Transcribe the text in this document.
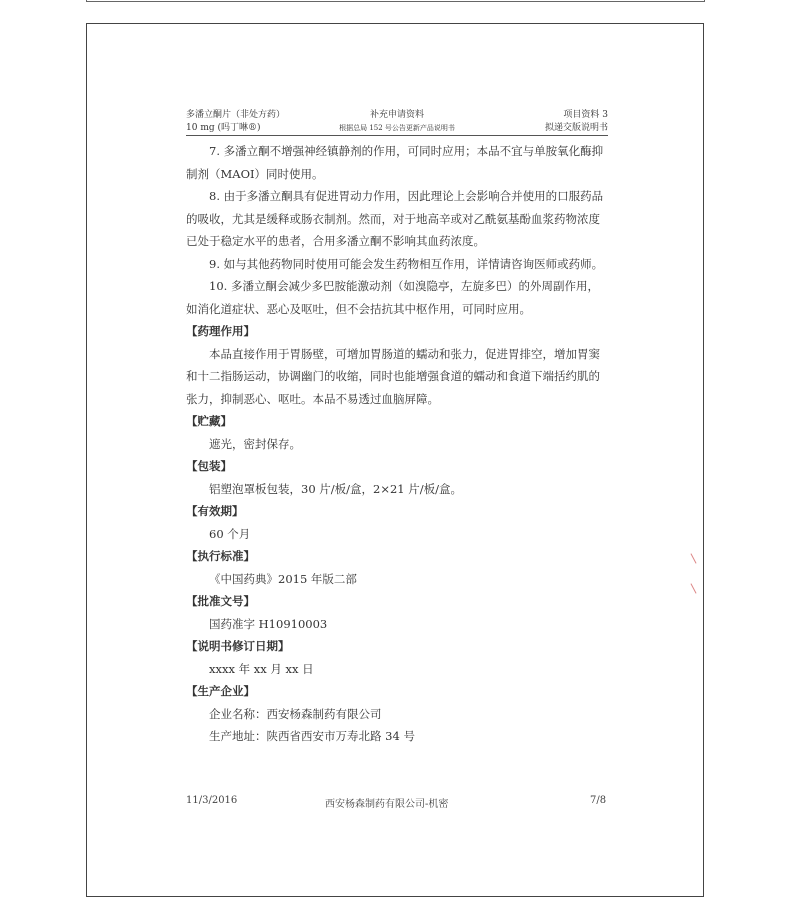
多潘立酮片（非处方药）
10 mg (吗丁啉®)
补充申请资料
根据总局 152 号公告更新产品说明书
项目资料 3
拟递交版说明书

7. 多潘立酮不增强神经镇静剂的作用，可同时应用；本品不宜与单胺氧化酶抑制剂（MAOI）同时使用。

8. 由于多潘立酮具有促进胃动力作用，因此理论上会影响合并使用的口服药品的吸收，尤其是缓释或肠衣制剂。然而，对于地高辛或对乙酰氨基酚血浆药物浓度已处于稳定水平的患者，合用多潘立酮不影响其血药浓度。

9. 如与其他药物同时使用可能会发生药物相互作用，详情请咨询医师或药师。

10. 多潘立酮会减少多巴胺能激动剂（如溴隐亭，左旋多巴）的外周副作用，如消化道症状、恶心及呕吐，但不会拮抗其中枢作用，可同时应用。

【药理作用】

本品直接作用于胃肠壁，可增加胃肠道的蠕动和张力，促进胃排空，增加胃窦和十二指肠运动，协调幽门的收缩，同时也能增强食道的蠕动和食道下端括约肌的张力，抑制恶心、呕吐。本品不易透过血脑屏障。

【贮藏】

遮光，密封保存。

【包装】

铝塑泡罩板包装，30 片/板/盒，2×21 片/板/盒。

【有效期】

60 个月

【执行标准】

《中国药典》2015 年版二部

【批准文号】

国药准字 H10910003

【说明书修订日期】

xxxx 年 xx 月 xx 日

【生产企业】

企业名称：西安杨森制药有限公司

生产地址：陕西省西安市万寿北路 34 号

11/3/2016	西安杨森制药有限公司-机密	7/8
